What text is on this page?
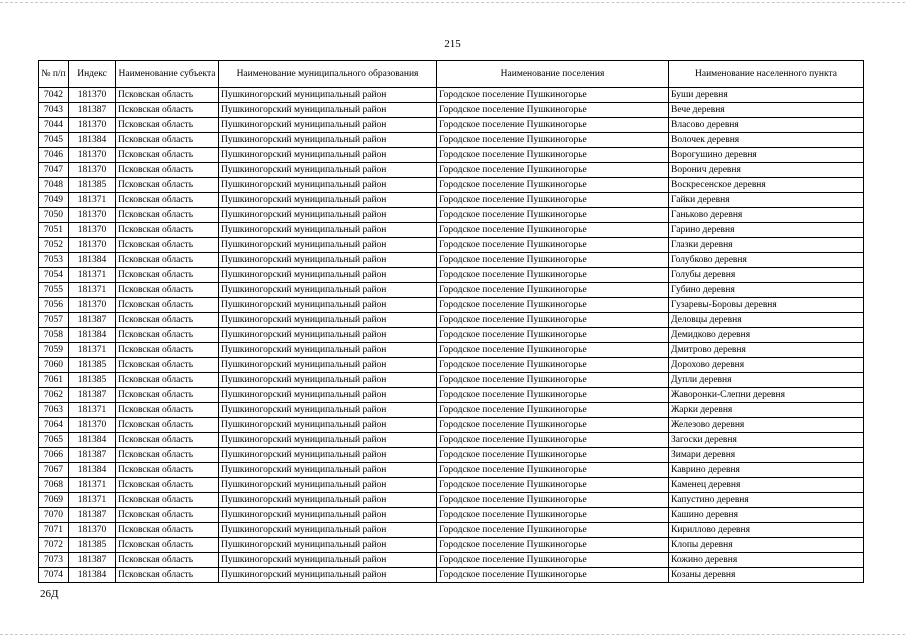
215
№ п/п	Индекс	Наименование субъекта	Наименование муниципального образования	Наименование поселения	Наименование населенного пункта
7042	181370	Псковская область	Пушкиногорский муниципальный район	Городское поселение Пушкиногорье	Буши деревня
7043	181387	Псковская область	Пушкиногорский муниципальный район	Городское поселение Пушкиногорье	Вече деревня
7044	181370	Псковская область	Пушкиногорский муниципальный район	Городское поселение Пушкиногорье	Власово деревня
7045	181384	Псковская область	Пушкиногорский муниципальный район	Городское поселение Пушкиногорье	Волочек деревня
7046	181370	Псковская область	Пушкиногорский муниципальный район	Городское поселение Пушкиногорье	Ворогушино деревня
7047	181370	Псковская область	Пушкиногорский муниципальный район	Городское поселение Пушкиногорье	Воронич деревня
7048	181385	Псковская область	Пушкиногорский муниципальный район	Городское поселение Пушкиногорье	Воскресенское деревня
7049	181371	Псковская область	Пушкиногорский муниципальный район	Городское поселение Пушкиногорье	Гайки деревня
7050	181370	Псковская область	Пушкиногорский муниципальный район	Городское поселение Пушкиногорье	Ганьково деревня
7051	181370	Псковская область	Пушкиногорский муниципальный район	Городское поселение Пушкиногорье	Гарино деревня
7052	181370	Псковская область	Пушкиногорский муниципальный район	Городское поселение Пушкиногорье	Глазки деревня
7053	181384	Псковская область	Пушкиногорский муниципальный район	Городское поселение Пушкиногорье	Голубково деревня
7054	181371	Псковская область	Пушкиногорский муниципальный район	Городское поселение Пушкиногорье	Голубы деревня
7055	181371	Псковская область	Пушкиногорский муниципальный район	Городское поселение Пушкиногорье	Губино деревня
7056	181370	Псковская область	Пушкиногорский муниципальный район	Городское поселение Пушкиногорье	Гузаревы-Боровы деревня
7057	181387	Псковская область	Пушкиногорский муниципальный район	Городское поселение Пушкиногорье	Деловцы деревня
7058	181384	Псковская область	Пушкиногорский муниципальный район	Городское поселение Пушкиногорье	Демидково деревня
7059	181371	Псковская область	Пушкиногорский муниципальный район	Городское поселение Пушкиногорье	Дмитрово деревня
7060	181385	Псковская область	Пушкиногорский муниципальный район	Городское поселение Пушкиногорье	Дорохово деревня
7061	181385	Псковская область	Пушкиногорский муниципальный район	Городское поселение Пушкиногорье	Дупли деревня
7062	181387	Псковская область	Пушкиногорский муниципальный район	Городское поселение Пушкиногорье	Жаворонки-Слепни деревня
7063	181371	Псковская область	Пушкиногорский муниципальный район	Городское поселение Пушкиногорье	Жарки деревня
7064	181370	Псковская область	Пушкиногорский муниципальный район	Городское поселение Пушкиногорье	Железово деревня
7065	181384	Псковская область	Пушкиногорский муниципальный район	Городское поселение Пушкиногорье	Загоски деревня
7066	181387	Псковская область	Пушкиногорский муниципальный район	Городское поселение Пушкиногорье	Зимари деревня
7067	181384	Псковская область	Пушкиногорский муниципальный район	Городское поселение Пушкиногорье	Каврино деревня
7068	181371	Псковская область	Пушкиногорский муниципальный район	Городское поселение Пушкиногорье	Каменец деревня
7069	181371	Псковская область	Пушкиногорский муниципальный район	Городское поселение Пушкиногорье	Капустино деревня
7070	181387	Псковская область	Пушкиногорский муниципальный район	Городское поселение Пушкиногорье	Кашино деревня
7071	181370	Псковская область	Пушкиногорский муниципальный район	Городское поселение Пушкиногорье	Кириллово деревня
7072	181385	Псковская область	Пушкиногорский муниципальный район	Городское поселение Пушкиногорье	Клопы деревня
7073	181387	Псковская область	Пушкиногорский муниципальный район	Городское поселение Пушкиногорье	Кожино деревня
7074	181384	Псковская область	Пушкиногорский муниципальный район	Городское поселение Пушкиногорье	Козаны деревня
26Д
